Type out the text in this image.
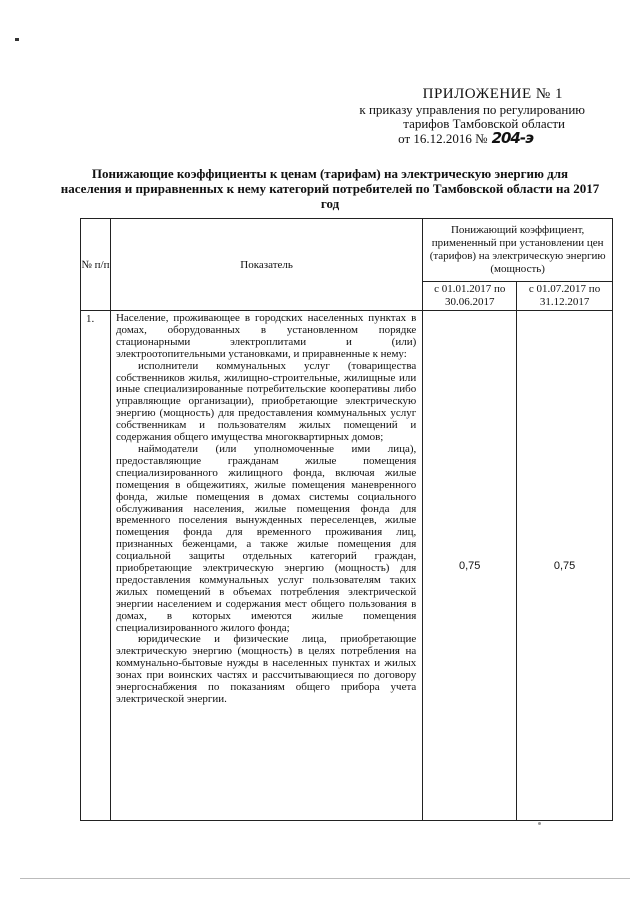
ПРИЛОЖЕНИЕ № 1
к приказу управления по регулированию
тарифов Тамбовской области
от 16.12.2016 № 204-э
Понижающие коэффициенты к ценам (тарифам) на электрическую энергию для населения и приравненных к нему категорий потребителей по Тамбовской области на 2017 год
№ п/п	Показатель	Понижающий коэффициент, примененный при установлении цен (тарифов) на электрическую энергию (мощность)	
		с 01.01.2017 по 30.06.2017	с 01.07.2017 по 31.12.2017
1.	Население, проживающее в городских населенных пунктах в домах, оборудованных в установленном порядке стационарными электроплитами и (или) электроотопительными установками, и приравненные к нему:

исполнители коммунальных услуг (товарищества собственников жилья, жилищно-строительные, жилищные или иные специализированные потребительские кооперативы либо управляющие организации), приобретающие электрическую энергию (мощность) для предоставления коммунальных услуг собственникам и пользователям жилых помещений и содержания общего имущества многоквартирных домов;

наймодатели (или уполномоченные ими лица), предоставляющие гражданам жилые помещения специализированного жилищного фонда, включая жилые помещения в общежитиях, жилые помещения маневренного фонда, жилые помещения в домах системы социального обслуживания населения, жилые помещения фонда для временного поселения вынужденных переселенцев, жилые помещения фонда для временного проживания лиц, признанных беженцами, а также жилые помещения для социальной защиты отдельных категорий граждан, приобретающие электрическую энергию (мощность) для предоставления коммунальных услуг пользователям таких жилых помещений в объемах потребления электрической энергии населением и содержания мест общего пользования в домах, в которых имеются жилые помещения специализированного жилого фонда;

юридические и физические лица, приобретающие электрическую энергию (мощность) в целях потребления на коммунально-бытовые нужды в населенных пунктах и жилых зонах при воинских частях и рассчитывающиеся по договору энергоснабжения по показаниям общего прибора учета электрической энергии.	0,75	0,75
